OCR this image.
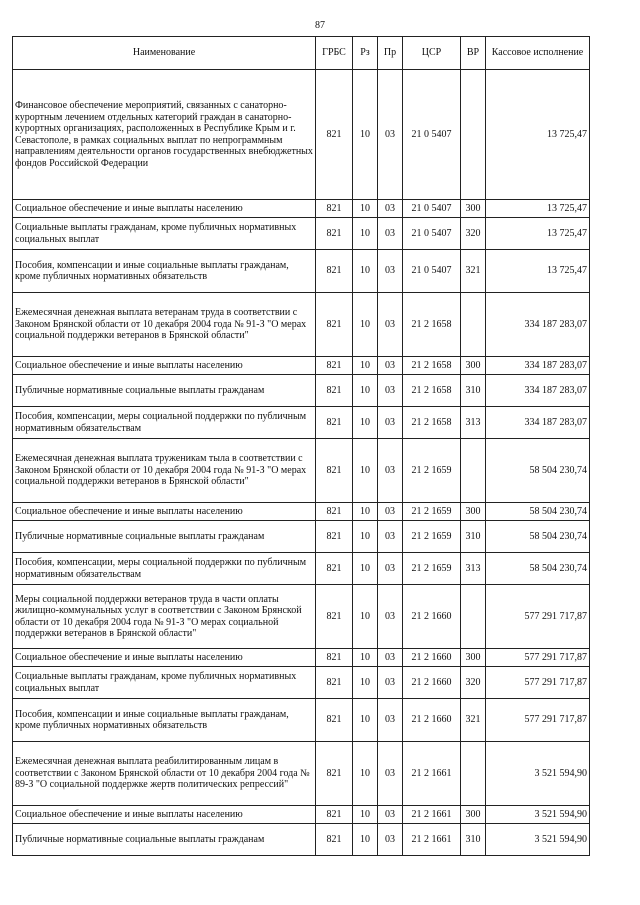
87
Наименование	ГРБС	Рз	Пр	ЦСР	ВР	Кассовое исполнение
Финансовое обеспечение мероприятий, связанных с санаторно-курортным лечением отдельных категорий граждан в санаторно-курортных организациях, расположенных в Республике Крым и г. Севастополе, в рамках социальных выплат по непрограммным направлениям деятельности органов государственных внебюджетных фондов Российской Федерации	821	10	03	21 0 5407		13 725,47
Социальное обеспечение и иные выплаты населению	821	10	03	21 0 5407	300	13 725,47
Социальные выплаты гражданам, кроме публичных нормативных социальных выплат	821	10	03	21 0 5407	320	13 725,47
Пособия, компенсации и иные социальные выплаты гражданам, кроме публичных нормативных обязательств	821	10	03	21 0 5407	321	13 725,47
Ежемесячная денежная выплата ветеранам труда в соответствии с Законом Брянской области от 10 декабря 2004 года № 91-З "О мерах социальной поддержки ветеранов в Брянской области"	821	10	03	21 2 1658		334 187 283,07
Социальное обеспечение и иные выплаты населению	821	10	03	21 2 1658	300	334 187 283,07
Публичные нормативные социальные выплаты гражданам	821	10	03	21 2 1658	310	334 187 283,07
Пособия, компенсации, меры социальной поддержки по публичным нормативным обязательствам	821	10	03	21 2 1658	313	334 187 283,07
Ежемесячная денежная выплата труженикам тыла в соответствии с Законом Брянской области от 10 декабря 2004 года № 91-З "О мерах социальной поддержки ветеранов в Брянской области"	821	10	03	21 2 1659		58 504 230,74
Социальное обеспечение и иные выплаты населению	821	10	03	21 2 1659	300	58 504 230,74
Публичные нормативные социальные выплаты гражданам	821	10	03	21 2 1659	310	58 504 230,74
Пособия, компенсации, меры социальной поддержки по публичным нормативным обязательствам	821	10	03	21 2 1659	313	58 504 230,74
Меры социальной поддержки ветеранов труда в части оплаты жилищно-коммунальных услуг в соответствии с Законом Брянской области от 10 декабря 2004 года № 91-З "О мерах социальной поддержки ветеранов в Брянской области"	821	10	03	21 2 1660		577 291 717,87
Социальное обеспечение и иные выплаты населению	821	10	03	21 2 1660	300	577 291 717,87
Социальные выплаты гражданам, кроме публичных нормативных социальных выплат	821	10	03	21 2 1660	320	577 291 717,87
Пособия, компенсации и иные социальные выплаты гражданам, кроме публичных нормативных обязательств	821	10	03	21 2 1660	321	577 291 717,87
Ежемесячная денежная выплата реабилитированным лицам в соответствии с Законом Брянской области от 10 декабря 2004 года № 89-З "О социальной поддержке жертв политических репрессий"	821	10	03	21 2 1661		3 521 594,90
Социальное обеспечение и иные выплаты населению	821	10	03	21 2 1661	300	3 521 594,90
Публичные нормативные социальные выплаты гражданам	821	10	03	21 2 1661	310	3 521 594,90
